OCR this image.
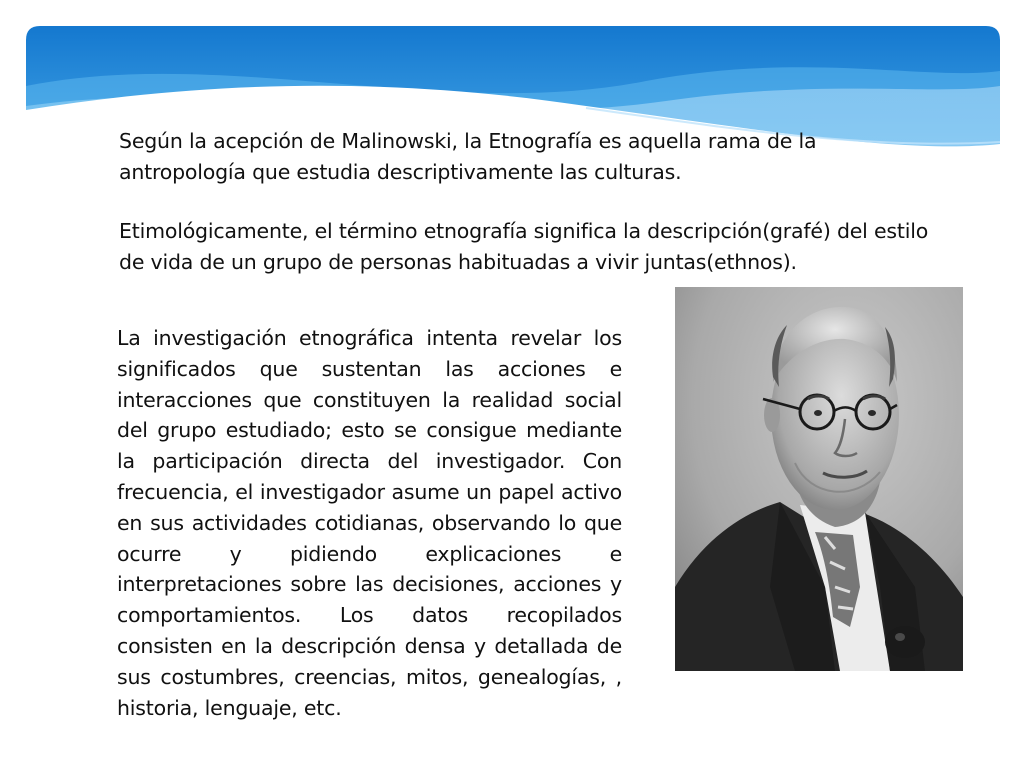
Según la acepción de Malinowski, la Etnografía es aquella rama de la antropología que estudia descriptivamente las culturas.
Etimológicamente, el término etnografía significa la descripción(grafé) del estilo de vida de un grupo de personas habituadas a vivir juntas(ethnos).
La investigación etnográfica intenta revelar los significados que sustentan las acciones e interacciones que constituyen la realidad social del grupo estudiado; esto se consigue mediante la participación directa del investigador. Con frecuencia, el investigador asume un papel activo en sus actividades cotidianas, observando lo que ocurre y pidiendo explicaciones e interpretaciones sobre las decisiones, acciones y comportamientos. Los datos recopilados consisten en la descripción densa y detallada de sus costumbres, creencias, mitos, genealogías, , historia, lenguaje, etc.
